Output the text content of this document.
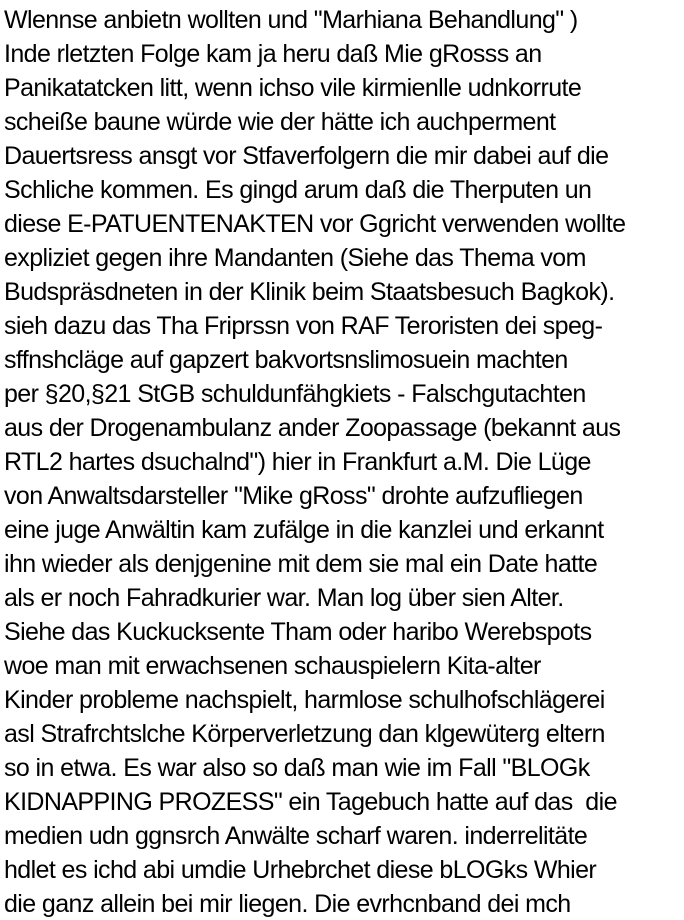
Wlennse anbietn wollten und "Marhiana Behandlung" )
Inde rletzten Folge kam ja heru daß Mie gRosss an
Panikatatcken litt, wenn ichso vile kirmienlle udnkorrute
scheiße baune würde wie der hätte ich auchperment
Dauertsress ansgt vor Stfaverfolgern die mir dabei auf die
Schliche kommen. Es gingd arum daß die Therputen un
diese E-PATUENTENAKTEN vor Ggricht verwenden wollte
expliziet gegen ihre Mandanten (Siehe das Thema vom
Budspräsdneten in der Klinik beim Staatsbesuch Bagkok).
sieh dazu das Tha Friprssn von RAF Teroristen dei speg-
sffnshcläge auf gapzert bakvortsnslimosuein machten
per §20,§21 StGB schuldunfähgkiets - Falschgutachten
aus der Drogenambulanz ander Zoopassage (bekannt aus
RTL2 hartes dsuchalnd") hier in Frankfurt a.M. Die Lüge
von Anwaltsdarsteller "Mike gRoss" drohte aufzufliegen
eine juge Anwältin kam zufälge in die kanzlei und erkannt
ihn wieder als denjgenine mit dem sie mal ein Date hatte
als er noch Fahradkurier war. Man log über sien Alter.
Siehe das Kuckucksente Tham oder haribo Werebspots
woe man mit erwachsenen schauspielern Kita-alter
Kinder probleme nachspielt, harmlose schulhofschlägerei
asl Strafrchtslche Körperverletzung dan klgewüterg eltern
so in etwa. Es war also so daß man wie im Fall "BLOGk
KIDNAPPING PROZESS" ein Tagebuch hatte auf das  die
medien udn ggnsrch Anwälte scharf waren. inderrelitäte
hdlet es ichd abi umdie Urhebrchet diese bLOGks Whier
die ganz allein bei mir liegen. Die evrhcnband dei mch
